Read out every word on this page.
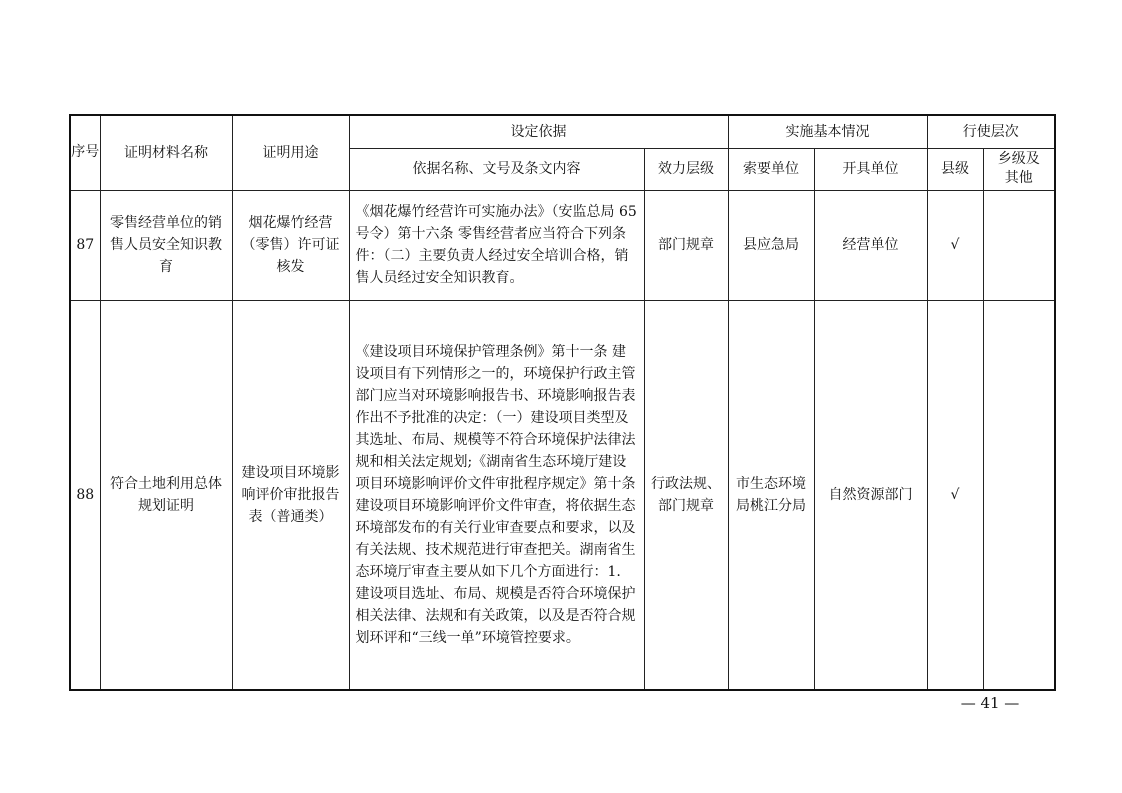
序号	证明材料名称	证明用途	设定依据		实施基本情况		行使层次	
			依据名称、文号及条文内容	效力层级	索要单位	开具单位	县级	乡级及其他
87	零售经营单位的销售人员安全知识教育	烟花爆竹经营（零售）许可证核发	《烟花爆竹经营许可实施办法》（安监总局 65 号令）第十六条 零售经营者应当符合下列条件：（二）主要负责人经过安全培训合格，销售人员经过安全知识教育。	部门规章	县应急局	经营单位	√	
88	符合土地利用总体规划证明	建设项目环境影响评价审批报告表（普通类）	《建设项目环境保护管理条例》第十一条 建设项目有下列情形之一的，环境保护行政主管部门应当对环境影响报告书、环境影响报告表作出不予批准的决定：（一）建设项目类型及其选址、布局、规模等不符合环境保护法律法规和相关法定规划;《湖南省生态环境厅建设项目环境影响评价文件审批程序规定》第十条 建设项目环境影响评价文件审查，将依据生态环境部发布的有关行业审查要点和要求，以及有关法规、技术规范进行审查把关。湖南省生态环境厅审查主要从如下几个方面进行：1. 建设项目选址、布局、规模是否符合环境保护相关法律、法规和有关政策，以及是否符合规划环评和“三线一单”环境管控要求。	行政法规、部门规章	市生态环境局桃江分局	自然资源部门	√	
— 41 —
